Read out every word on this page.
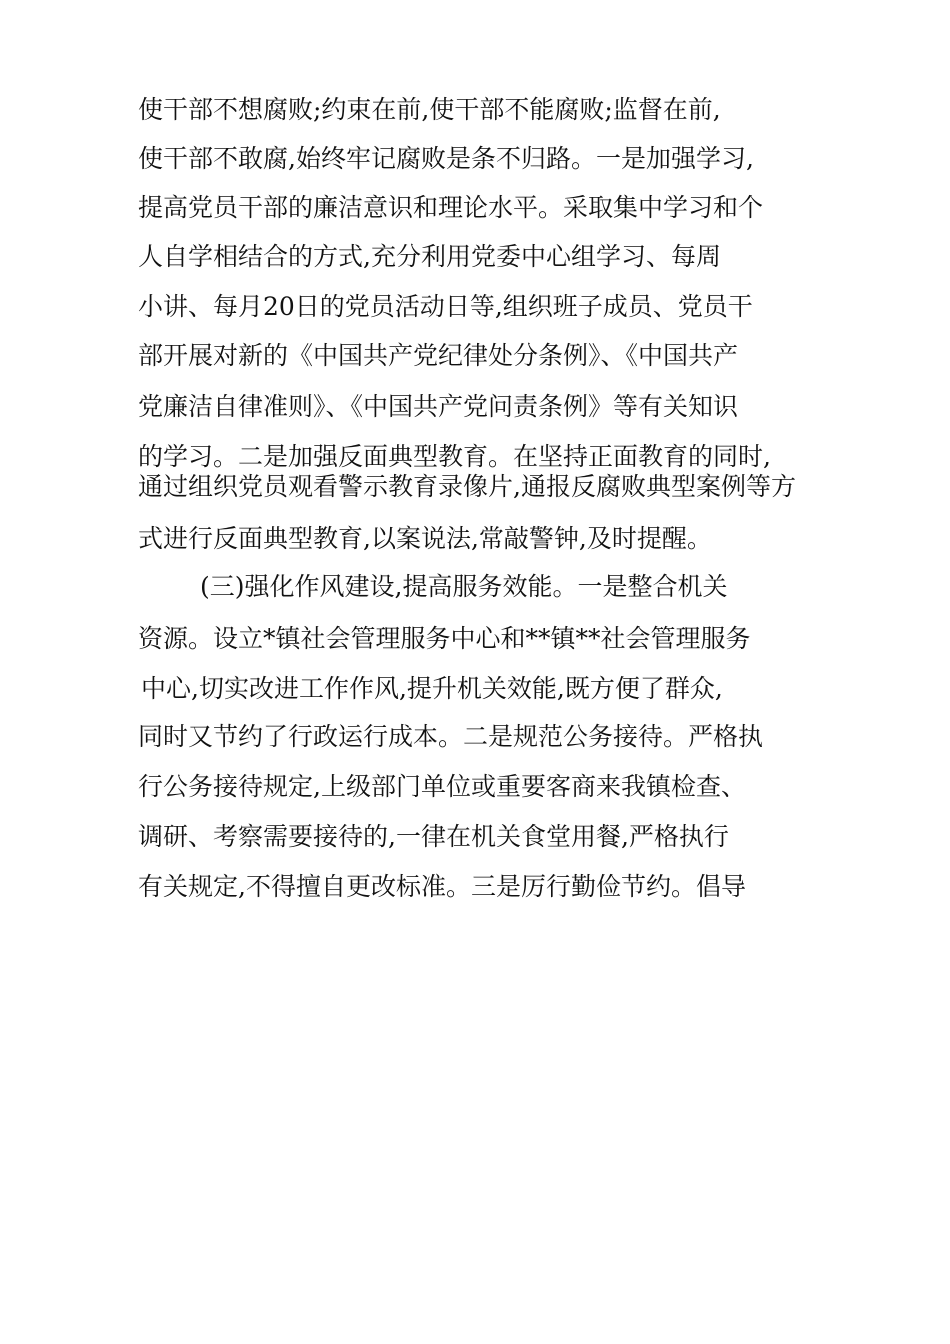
使干部不想腐败;约束在前,使干部不能腐败;监督在前,
使干部不敢腐,始终牢记腐败是条不归路。一是加强学习,
提高党员干部的廉洁意识和理论水平。采取集中学习和个
人自学相结合的方式,充分利用党委中心组学习、每周
小讲、每月20日的党员活动日等,组织班子成员、党员干
部开展对新的《中国共产党纪律处分条例》、《中国共产
党廉洁自律准则》、《中国共产党问责条例》等有关知识
的学习。二是加强反面典型教育。在坚持正面教育的同时,
通过组织党员观看警示教育录像片,通报反腐败典型案例等方
式进行反面典型教育,以案说法,常敲警钟,及时提醒。
(三)强化作风建设,提高服务效能。一是整合机关
资源。设立*镇社会管理服务中心和**镇**社会管理服务
中心,切实改进工作作风,提升机关效能,既方便了群众,
同时又节约了行政运行成本。二是规范公务接待。严格执
行公务接待规定,上级部门单位或重要客商来我镇检查、
调研、考察需要接待的,一律在机关食堂用餐,严格执行
有关规定,不得擅自更改标准。三是厉行勤俭节约。倡导
